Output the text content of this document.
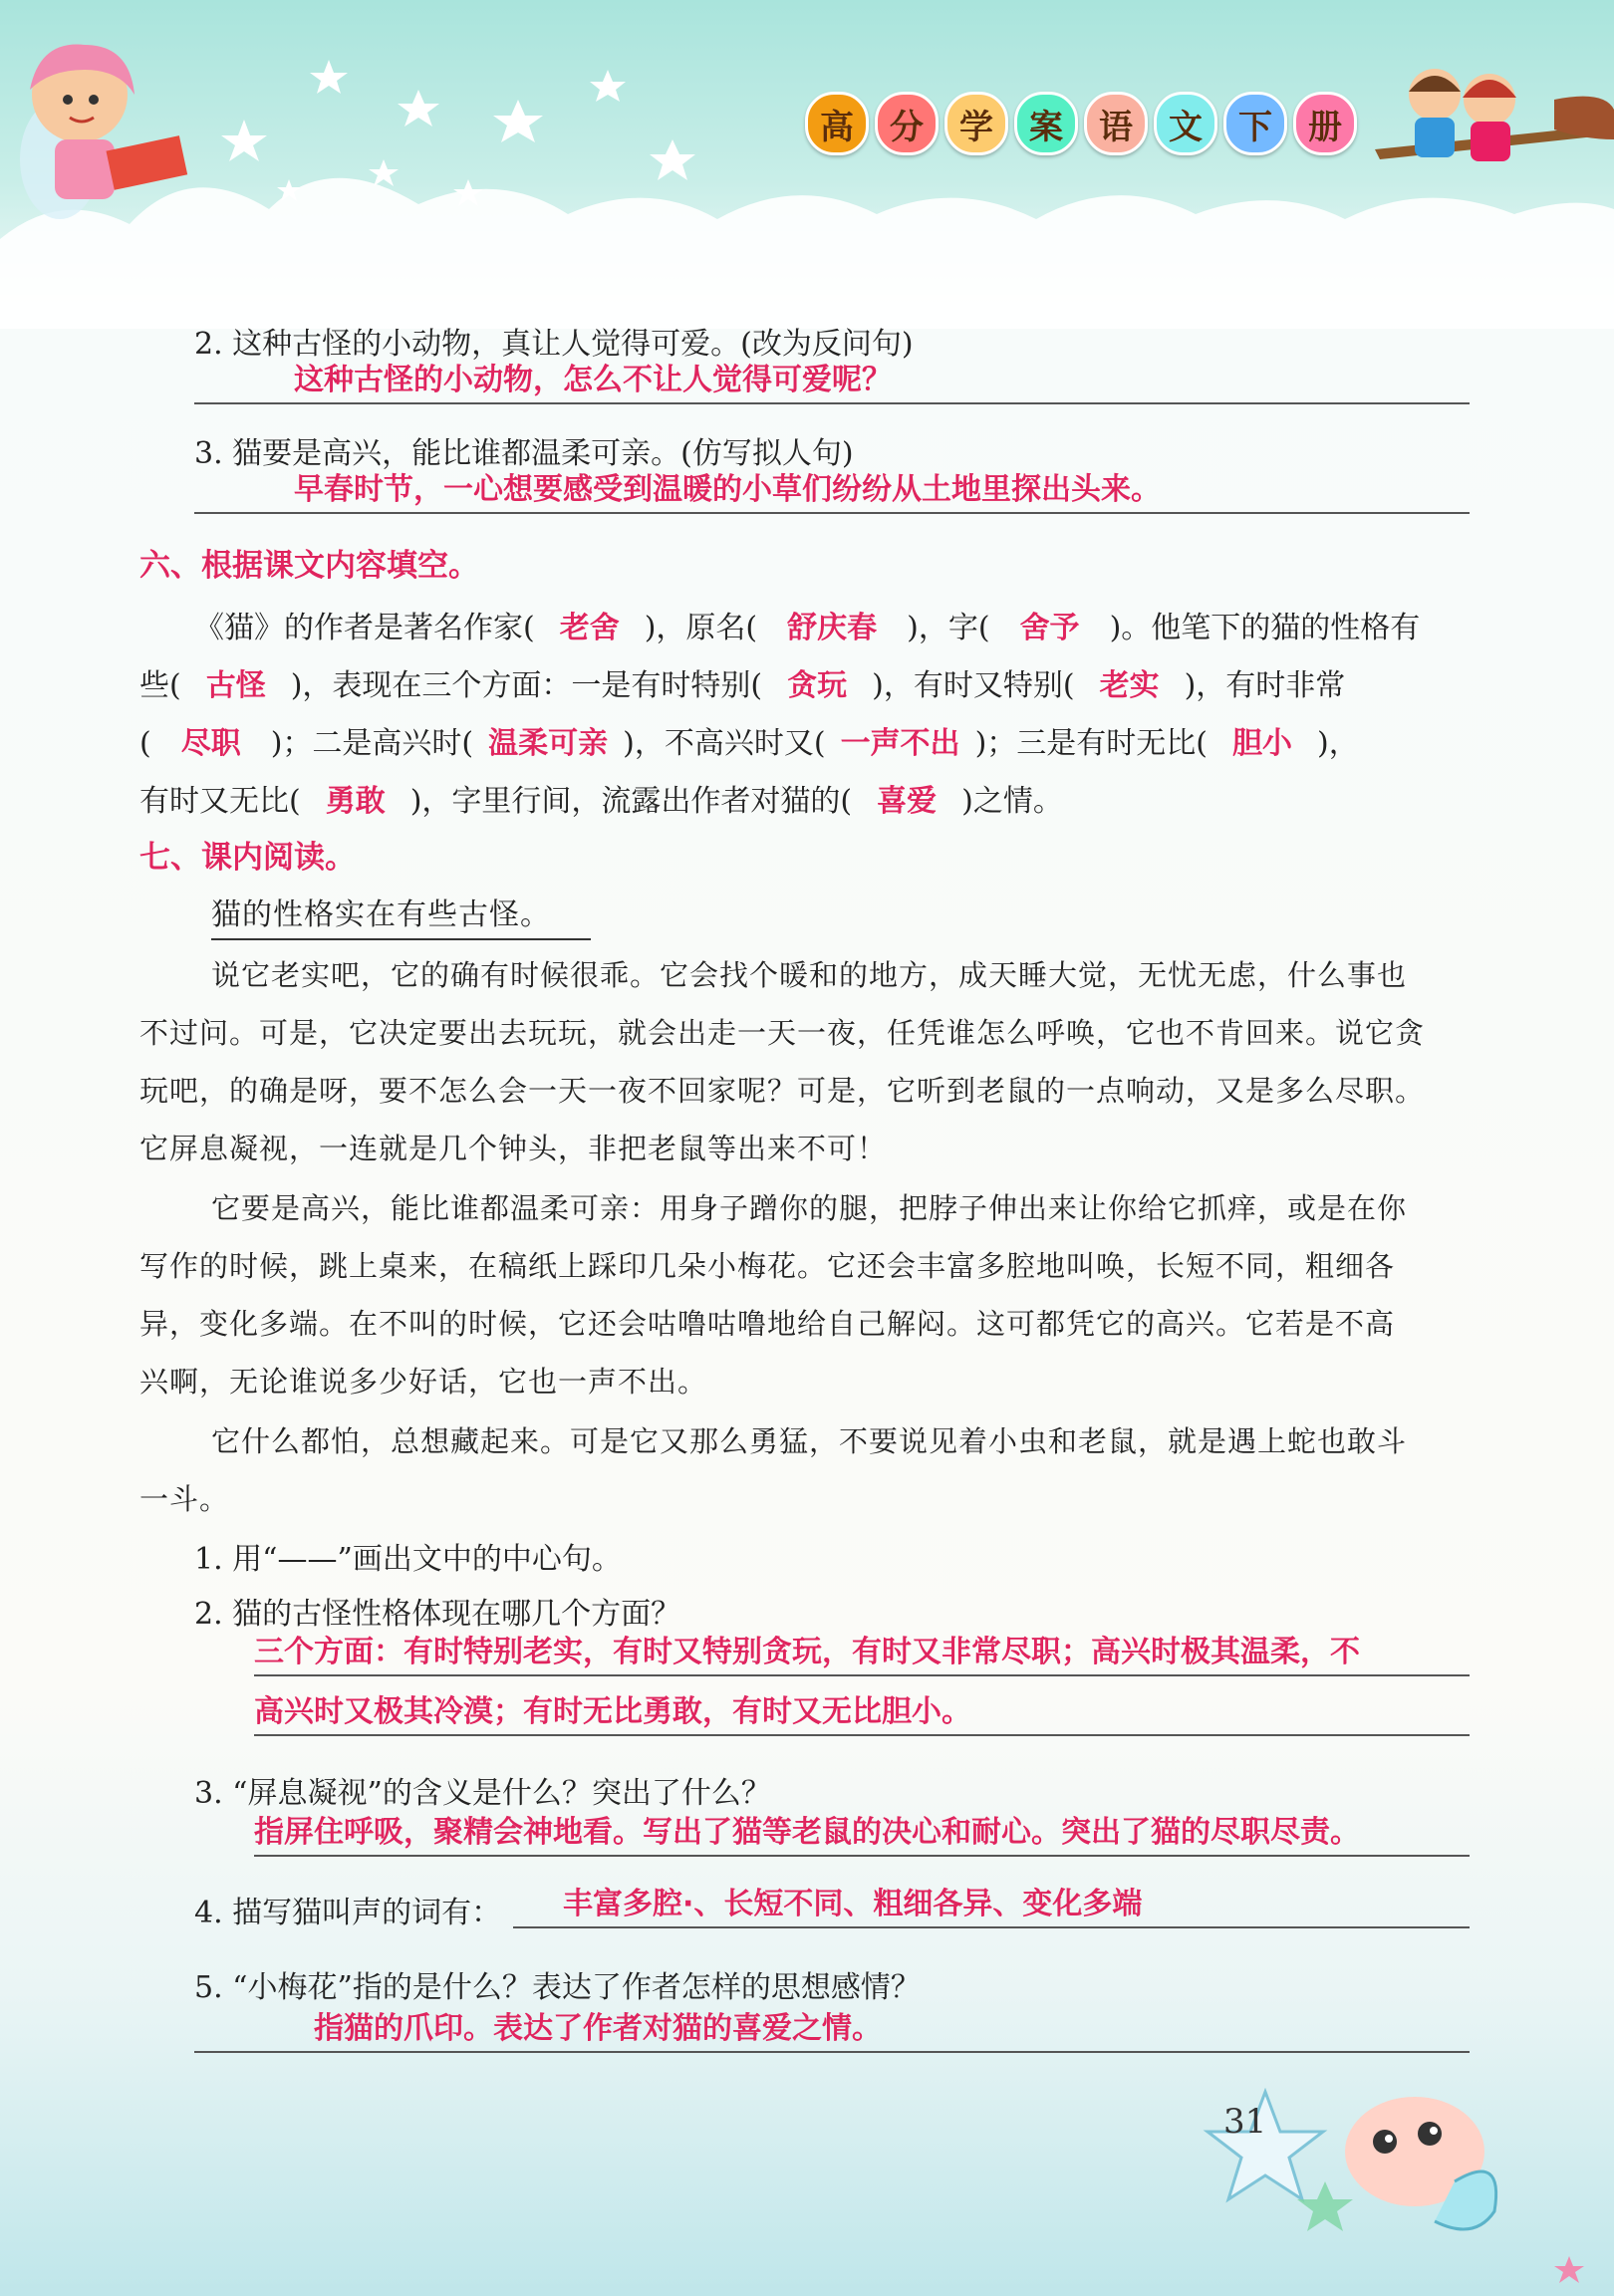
高	分	学	案	语	文	下	册
2. 这种古怪的小动物，真让人觉得可爱。(改为反问句)
这种古怪的小动物，怎么不让人觉得可爱呢？
3. 猫要是高兴，能比谁都温柔可亲。(仿写拟人句)
早春时节，一心想要感受到温暖的小草们纷纷从土地里探出头来。
六、根据课文内容填空。
《猫》的作者是著名作家( 老舍 )，原名( 舒庆春 )，字( 舍予 )。他笔下的猫的性格有
些( 古怪 )，表现在三个方面：一是有时特别( 贪玩 )，有时又特别( 老实 )，有时非常
( 尽职 )；二是高兴时( 温柔可亲 )，不高兴时又( 一声不出 )；三是有时无比( 胆小 )，
有时又无比( 勇敢 )，字里行间，流露出作者对猫的( 喜爱 )之情。
七、课内阅读。
猫的性格实在有些古怪。
说它老实吧，它的确有时候很乖。它会找个暖和的地方，成天睡大觉，无忧无虑，什么事也
不过问。可是，它决定要出去玩玩，就会出走一天一夜，任凭谁怎么呼唤，它也不肯回来。说它贪
玩吧，的确是呀，要不怎么会一天一夜不回家呢？可是，它听到老鼠的一点响动，又是多么尽职。
它屏息凝视，一连就是几个钟头，非把老鼠等出来不可！
它要是高兴，能比谁都温柔可亲：用身子蹭你的腿，把脖子伸出来让你给它抓痒，或是在你
写作的时候，跳上桌来，在稿纸上踩印几朵小梅花。它还会丰富多腔地叫唤，长短不同，粗细各
异，变化多端。在不叫的时候，它还会咕噜咕噜地给自己解闷。这可都凭它的高兴。它若是不高
兴啊，无论谁说多少好话，它也一声不出。
它什么都怕，总想藏起来。可是它又那么勇猛，不要说见着小虫和老鼠，就是遇上蛇也敢斗
一斗。
1. 用“——”画出文中的中心句。
2. 猫的古怪性格体现在哪几个方面？
三个方面：有时特别老实，有时又特别贪玩，有时又非常尽职；高兴时极其温柔，不
高兴时又极其冷漠；有时无比勇敢，有时又无比胆小。
3. “屏息凝视”的含义是什么？突出了什么？
指屏住呼吸，聚精会神地看。写出了猫等老鼠的决心和耐心。突出了猫的尽职尽责。
4. 描写猫叫声的词有： 丰富多腔·、长短不同、粗细各异、变化多端
5. “小梅花”指的是什么？表达了作者怎样的思想感情？
指猫的爪印。表达了作者对猫的喜爱之情。
31
